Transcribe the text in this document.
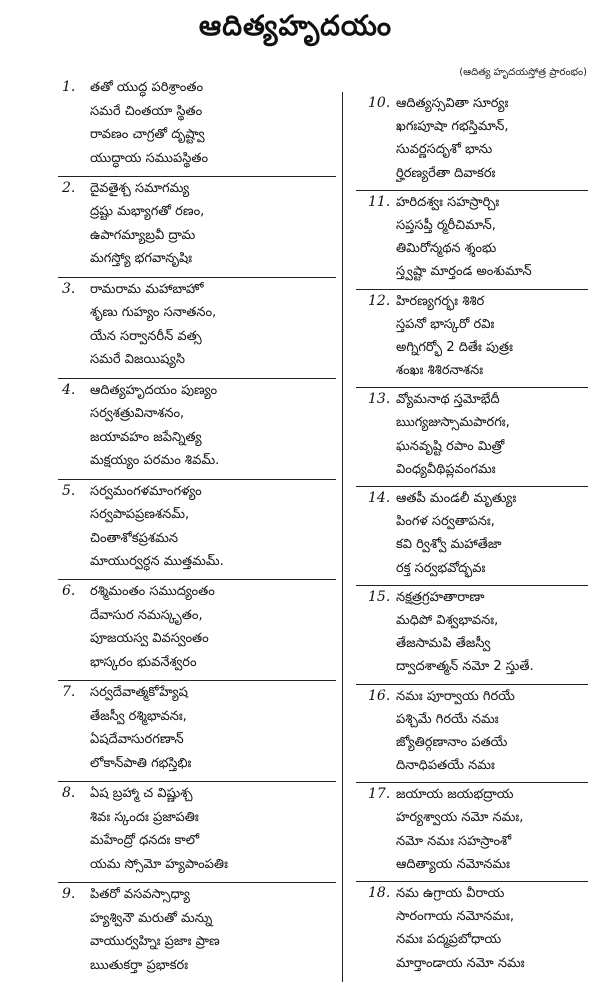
ఆదిత్యహృదయం
(ఆదిత్య హృదయస్తోత్ర ప్రారంభం)
1. తతో యుద్ధ పరిశ్రాంతం
సమరే చింతయా స్థితం
రావణం చాగ్రతో దృష్ట్వా
యుద్ధాయ సముపస్థితం
2. దైవతైశ్చ సమాగమ్య
ద్రష్టు మభ్యాగతో రణం,
ఉపాగమ్యాబ్రవీ ద్రామ
మగస్త్యో భగవానృషిః
3. రామరామ మహాబాహో
శృణు గుహ్యం సనాతనం,
యేన సర్వానరీన్ వత్స
సమరే విజయిష్యసి
4. ఆదిత్యహృదయం పుణ్యం
సర్వశత్రువినాశనం,
జయావహం జపేన్నిత్య
మక్షయ్యం పరమం శివమ్.
5. సర్వమంగళమాంగళ్యం
సర్వపాపప్రణశనమ్,
చింతాశోకప్రశమన
మాయుర్వర్ధన ముత్తమమ్.
6. రశ్మిమంతం సముద్యంతం
దేవాసుర నమస్కృతం,
పూజయస్వ వివస్వంతం
భాస్కరం భువనేశ్వరం
7. సర్వదేవాత్మకోహ్యేష
తేజస్వీ రశ్మిభావనః,
ఏషదేవాసురగణాన్
లోకాన్‌పాతి గభస్తిభిః
8. ఏష బ్రహ్మా చ విష్ణుశ్చ
శివః స్కందః ప్రజాపతిః
మహేంద్రో ధనదః కాలో
యమ స్సోమో హ్యపాంపతిః
9. పితరో వసవస్సాధ్యా
హ్యశ్వినౌ మరుతో మన్ను
వాయుర్వహ్నిః ప్రజాః ప్రాణ
ఋతుకర్తా ప్రభాకరః
10. ఆదిత్యస్సవితా సూర్యః
ఖగఃపూషా గభస్తిమాన్,
సువర్ణసదృశో భాను
ర్హిరణ్యరేతా దివాకరః
11. హరిదశ్వః సహస్రార్చిః
సప్తసప్తీ ర్మరీచిమాన్,
తిమిరోన్మథన శ్శంభు
స్త్వష్టా మార్తండ అంశుమాన్
12. హిరణ్యగర్భః శిశిర
స్తపనో భాస్కరో రవిః
అగ్నిగర్భో 2 దితేః పుత్రః
శంఖః శిశిరనాశనః
13. వ్యోమనాథ స్తమోభేదీ
ఋగ్యజుస్సామపారగః,
ఘనవృష్టి రపాం మిత్రో
వింధ్యవీథిప్లవంగమః
14. ఆతపీ మండలీ మృత్యుః
పింగళ సర్వతాపనః,
కవి ర్విశ్వో మహాతేజా
రక్త సర్వభవోద్భవః
15. నక్షత్రగ్రహతారాణా
మధిపో విశ్వభావనః,
తేజసామపి తేజస్వీ
ద్వాదశాత్మన్ నమో 2 స్తుతే.
16. నమః పూర్వాయ గిరయే
పశ్చిమే గిరయే నమః
జ్యోతిర్గణానాం పతయే
దినాధిపతయే నమః
17. జయాయ జయభద్రాయ
హర్యశ్వాయ నమో నమః,
నమో నమః సహస్రాంశో
ఆదిత్యాయ నమోనమః
18. నమ ఉగ్రాయ వీరాయ
సారంగాయ నమోనమః,
నమః పద్మప్రబోధాయ
మార్తాండాయ నమో నమః
